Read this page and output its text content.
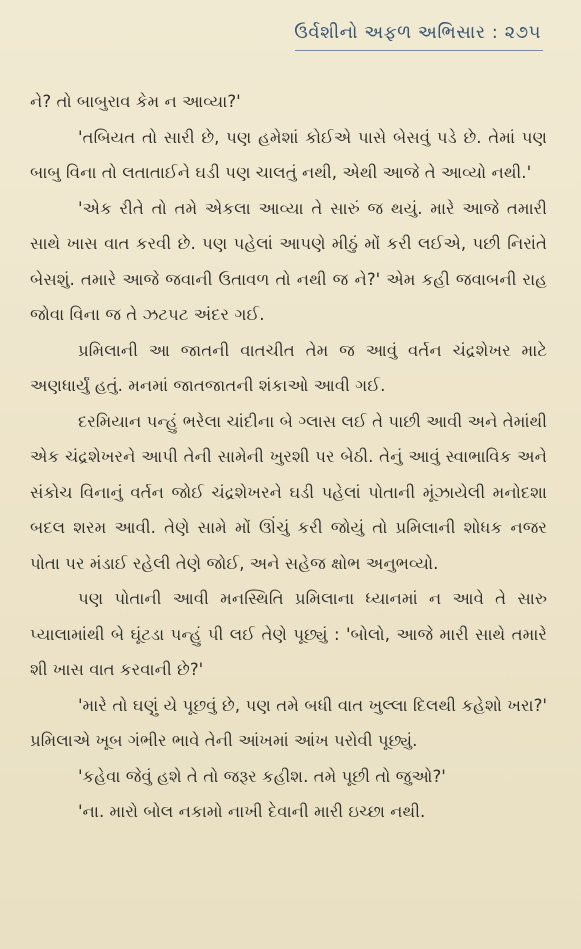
ઉર્વશીનો અફળ અભિસાર : ૨૭૫

ને? તો બાબુરાવ કેમ ન આવ્યા?'

'તબિયત તો સારી છે, પણ હમેશાં કોઈએ પાસે બેસવું પડે છે. તેમાં પણ બાબુ વિના તો લતાતાઈને ઘડી પણ ચાલતું નથી, એથી આજે તે આવ્યો નથી.'

'એક રીતે તો તમે એકલા આવ્યા તે સારું જ થયું. મારે આજે તમારી સાથે ખાસ વાત કરવી છે. પણ પહેલાં આપણે મીઠું મોં કરી લઈએ, પછી નિરાંતે બેસશું. તમારે આજે જવાની ઉતાવળ તો નથી જ ને?' એમ કહી જવાબની રાહ જોવા વિના જ તે ઝટપટ અંદર ગઈ.

પ્રમિલાની આ જાતની વાતચીત તેમ જ આવું વર્તન ચંદ્રશેખર માટે અણધાર્યું હતું. મનમાં જાતજાતની શંકાઓ આવી ગઈ.

દરમિયાન પન્હું ભરેલા ચાંદીના બે ગ્લાસ લઈ તે પાછી આવી અને તેમાંથી એક ચંદ્રશેખરને આપી તેની સામેની ખુરશી પર બેઠી. તેનું આવું સ્વાભાવિક અને સંકોચ વિનાનું વર્તન જોઈ ચંદ્રશેખરને ઘડી પહેલાં પોતાની મૂંઝાયેલી મનોદશા બદલ શરમ આવી. તેણે સામે મોં ઊંચું કરી જોયું તો પ્રમિલાની શોધક નજર પોતા પર મંડાઈ રહેલી તેણે જોઈ, અને સહેજ ક્ષોભ અનુભવ્યો.

પણ પોતાની આવી મનસ્થિતિ પ્રમિલાના ધ્યાનમાં ન આવે તે સારુ પ્યાલામાંથી બે ઘૂંટડા પન્હું પી લઈ તેણે પૂછ્યું : 'બોલો, આજે મારી સાથે તમારે શી ખાસ વાત કરવાની છે?'

'મારે તો ઘણું યે પૂછવું છે, પણ તમે બધી વાત ખુલ્લા દિલથી કહેશો ખરા?' પ્રમિલાએ ખૂબ ગંભીર ભાવે તેની આંખમાં આંખ પરોવી પૂછ્યું.

'કહેવા જેવું હશે તે તો જરૂર કહીશ. તમે પૂછી તો જુઓ?'

'ના. મારો બોલ નકામો નાખી દેવાની મારી ઇચ્છા નથી.
